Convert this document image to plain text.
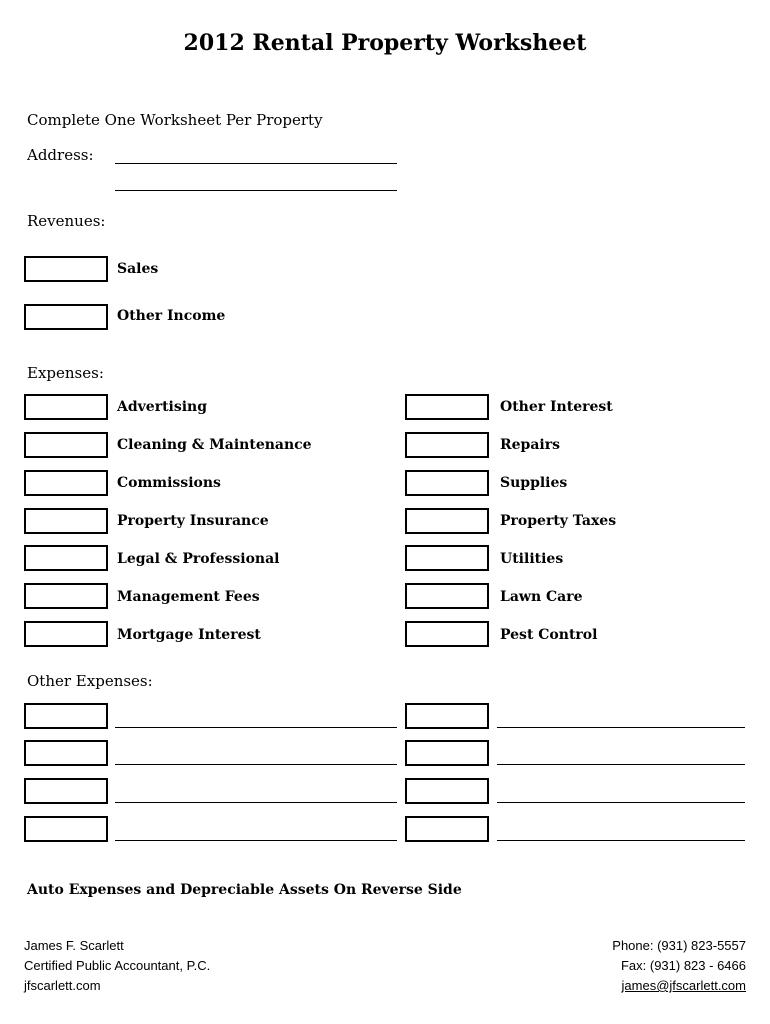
2012 Rental Property Worksheet
Complete One Worksheet Per Property
Address:
Revenues:
Sales
Other Income
Expenses:
Advertising
Cleaning & Maintenance
Commissions
Property Insurance
Legal & Professional
Management Fees
Mortgage Interest
Other Interest
Repairs
Supplies
Property Taxes
Utilities
Lawn Care
Pest Control
Other Expenses:
Auto Expenses and Depreciable Assets On Reverse Side
James F. Scarlett
Certified Public Accountant, P.C.
jfscarlett.com
Phone: (931) 823-5557
Fax: (931) 823 - 6466
james@jfscarlett.com
